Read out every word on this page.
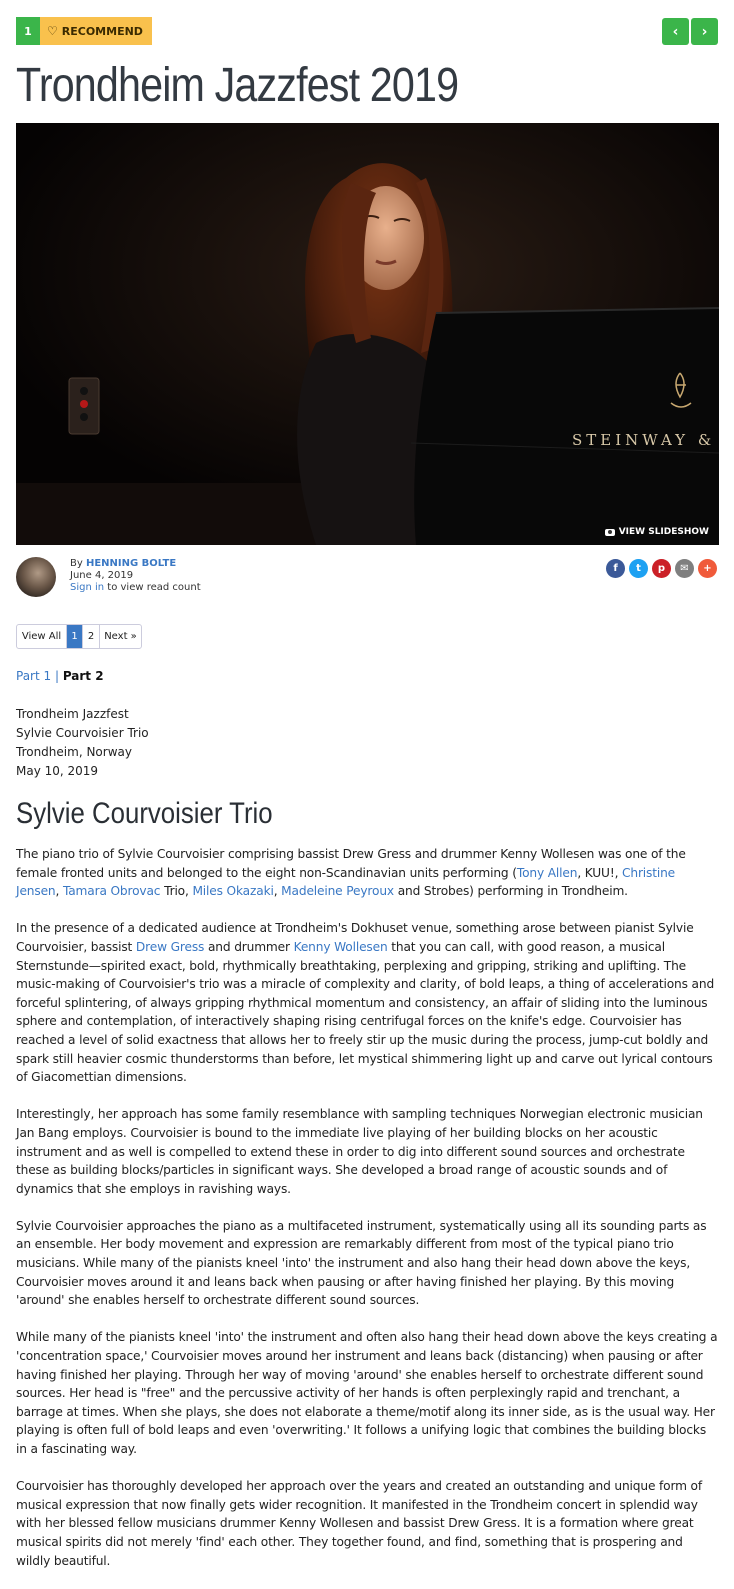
1	♡ RECOMMEND	‹ ›
Trondheim Jazzfest 2019
STEINWAY &
VIEW SLIDESHOW
By HENNING BOLTE
June 4, 2019
Sign in to view read count
f t p ✉ +
View All	1	2	Next »
Part 1 | Part 2
Trondheim Jazzfest
Sylvie Courvoisier Trio
Trondheim, Norway
May 10, 2019
Sylvie Courvoisier Trio

The piano trio of Sylvie Courvoisier comprising bassist Drew Gress and drummer Kenny Wollesen was one of the female fronted units and belonged to the eight non-Scandinavian units performing (Tony Allen, KUU!, Christine Jensen, Tamara Obrovac Trio, Miles Okazaki, Madeleine Peyroux and Strobes) performing in Trondheim.

In the presence of a dedicated audience at Trondheim's Dokhuset venue, something arose between pianist Sylvie Courvoisier, bassist Drew Gress and drummer Kenny Wollesen that you can call, with good reason, a musical Sternstunde—spirited exact, bold, rhythmically breathtaking, perplexing and gripping, striking and uplifting. The music-making of Courvoisier's trio was a miracle of complexity and clarity, of bold leaps, a thing of accelerations and forceful splintering, of always gripping rhythmical momentum and consistency, an affair of sliding into the luminous sphere and contemplation, of interactively shaping rising centrifugal forces on the knife's edge. Courvoisier has reached a level of solid exactness that allows her to freely stir up the music during the process, jump-cut boldly and spark still heavier cosmic thunderstorms than before, let mystical shimmering light up and carve out lyrical contours of Giacomettian dimensions.

Interestingly, her approach has some family resemblance with sampling techniques Norwegian electronic musician Jan Bang employs. Courvoisier is bound to the immediate live playing of her building blocks on her acoustic instrument and as well is compelled to extend these in order to dig into different sound sources and orchestrate these as building blocks/particles in significant ways. She developed a broad range of acoustic sounds and of dynamics that she employs in ravishing ways.

Sylvie Courvoisier approaches the piano as a multifaceted instrument, systematically using all its sounding parts as an ensemble. Her body movement and expression are remarkably different from most of the typical piano trio musicians. While many of the pianists kneel 'into' the instrument and also hang their head down above the keys, Courvoisier moves around it and leans back when pausing or after having finished her playing. By this moving 'around' she enables herself to orchestrate different sound sources.

While many of the pianists kneel 'into' the instrument and often also hang their head down above the keys creating a 'concentration space,' Courvoisier moves around her instrument and leans back (distancing) when pausing or after having finished her playing. Through her way of moving 'around' she enables herself to orchestrate different sound sources. Her head is "free" and the percussive activity of her hands is often perplexingly rapid and trenchant, a barrage at times. When she plays, she does not elaborate a theme/motif along its inner side, as is the usual way. Her playing is often full of bold leaps and even 'overwriting.' It follows a unifying logic that combines the building blocks in a fascinating way.

Courvoisier has thoroughly developed her approach over the years and created an outstanding and unique form of musical expression that now finally gets wider recognition. It manifested in the Trondheim concert in splendid way with her blessed fellow musicians drummer Kenny Wollesen and bassist Drew Gress. It is a formation where great musical spirits did not merely 'find' each other. They together found, and find, something that is prospering and wildly beautiful.
